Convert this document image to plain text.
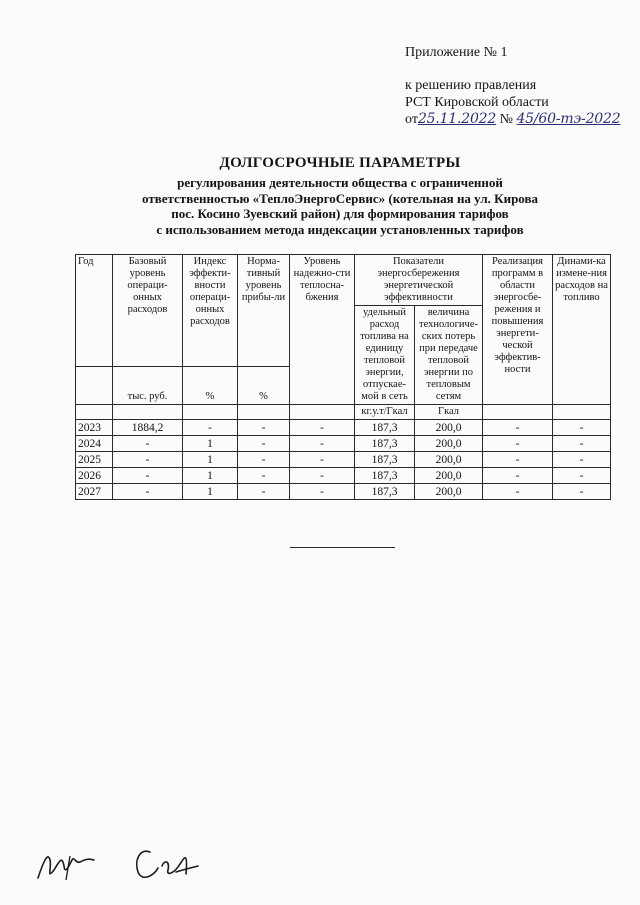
Приложение № 1
к решению правления
РСТ Кировской области
от25.11.2022 № 45/60-тэ-2022
ДОЛГОСРОЧНЫЕ ПАРАМЕТРЫ
регулирования деятельности общества с ограниченной
ответственностью «ТеплоЭнергоСервис» (котельная на ул. Кирова
пос. Косино Зуевский район) для формирования тарифов
с использованием метода индексации установленных тарифов
Год	Базовый уровень операци-онных расходов	Индекс эффекти-вности операци-онных расходов	Норма-тивный уровень прибы-ли	Уровень надежно-сти теплосна-бжения	Показатели энергосбережения энергетической эффективности		Реализация программ в области энергосбе-режения и повышения энергети-ческой эффектив-ности	Динами-ка измене-ния расходов на топливо
					удельный расход топлива на единицу тепловой энергии, отпускае-мой в сеть	величина технологиче-ских потерь при передаче тепловой энергии по тепловым сетям		
	тыс. руб.	%	%					
					кг.у.т/Гкал	Гкал		
2023	1884,2	-	-	-	187,3	200,0	-	-
2024	-	1	-	-	187,3	200,0	-	-
2025	-	1	-	-	187,3	200,0	-	-
2026	-	1	-	-	187,3	200,0	-	-
2027	-	1	-	-	187,3	200,0	-	-
